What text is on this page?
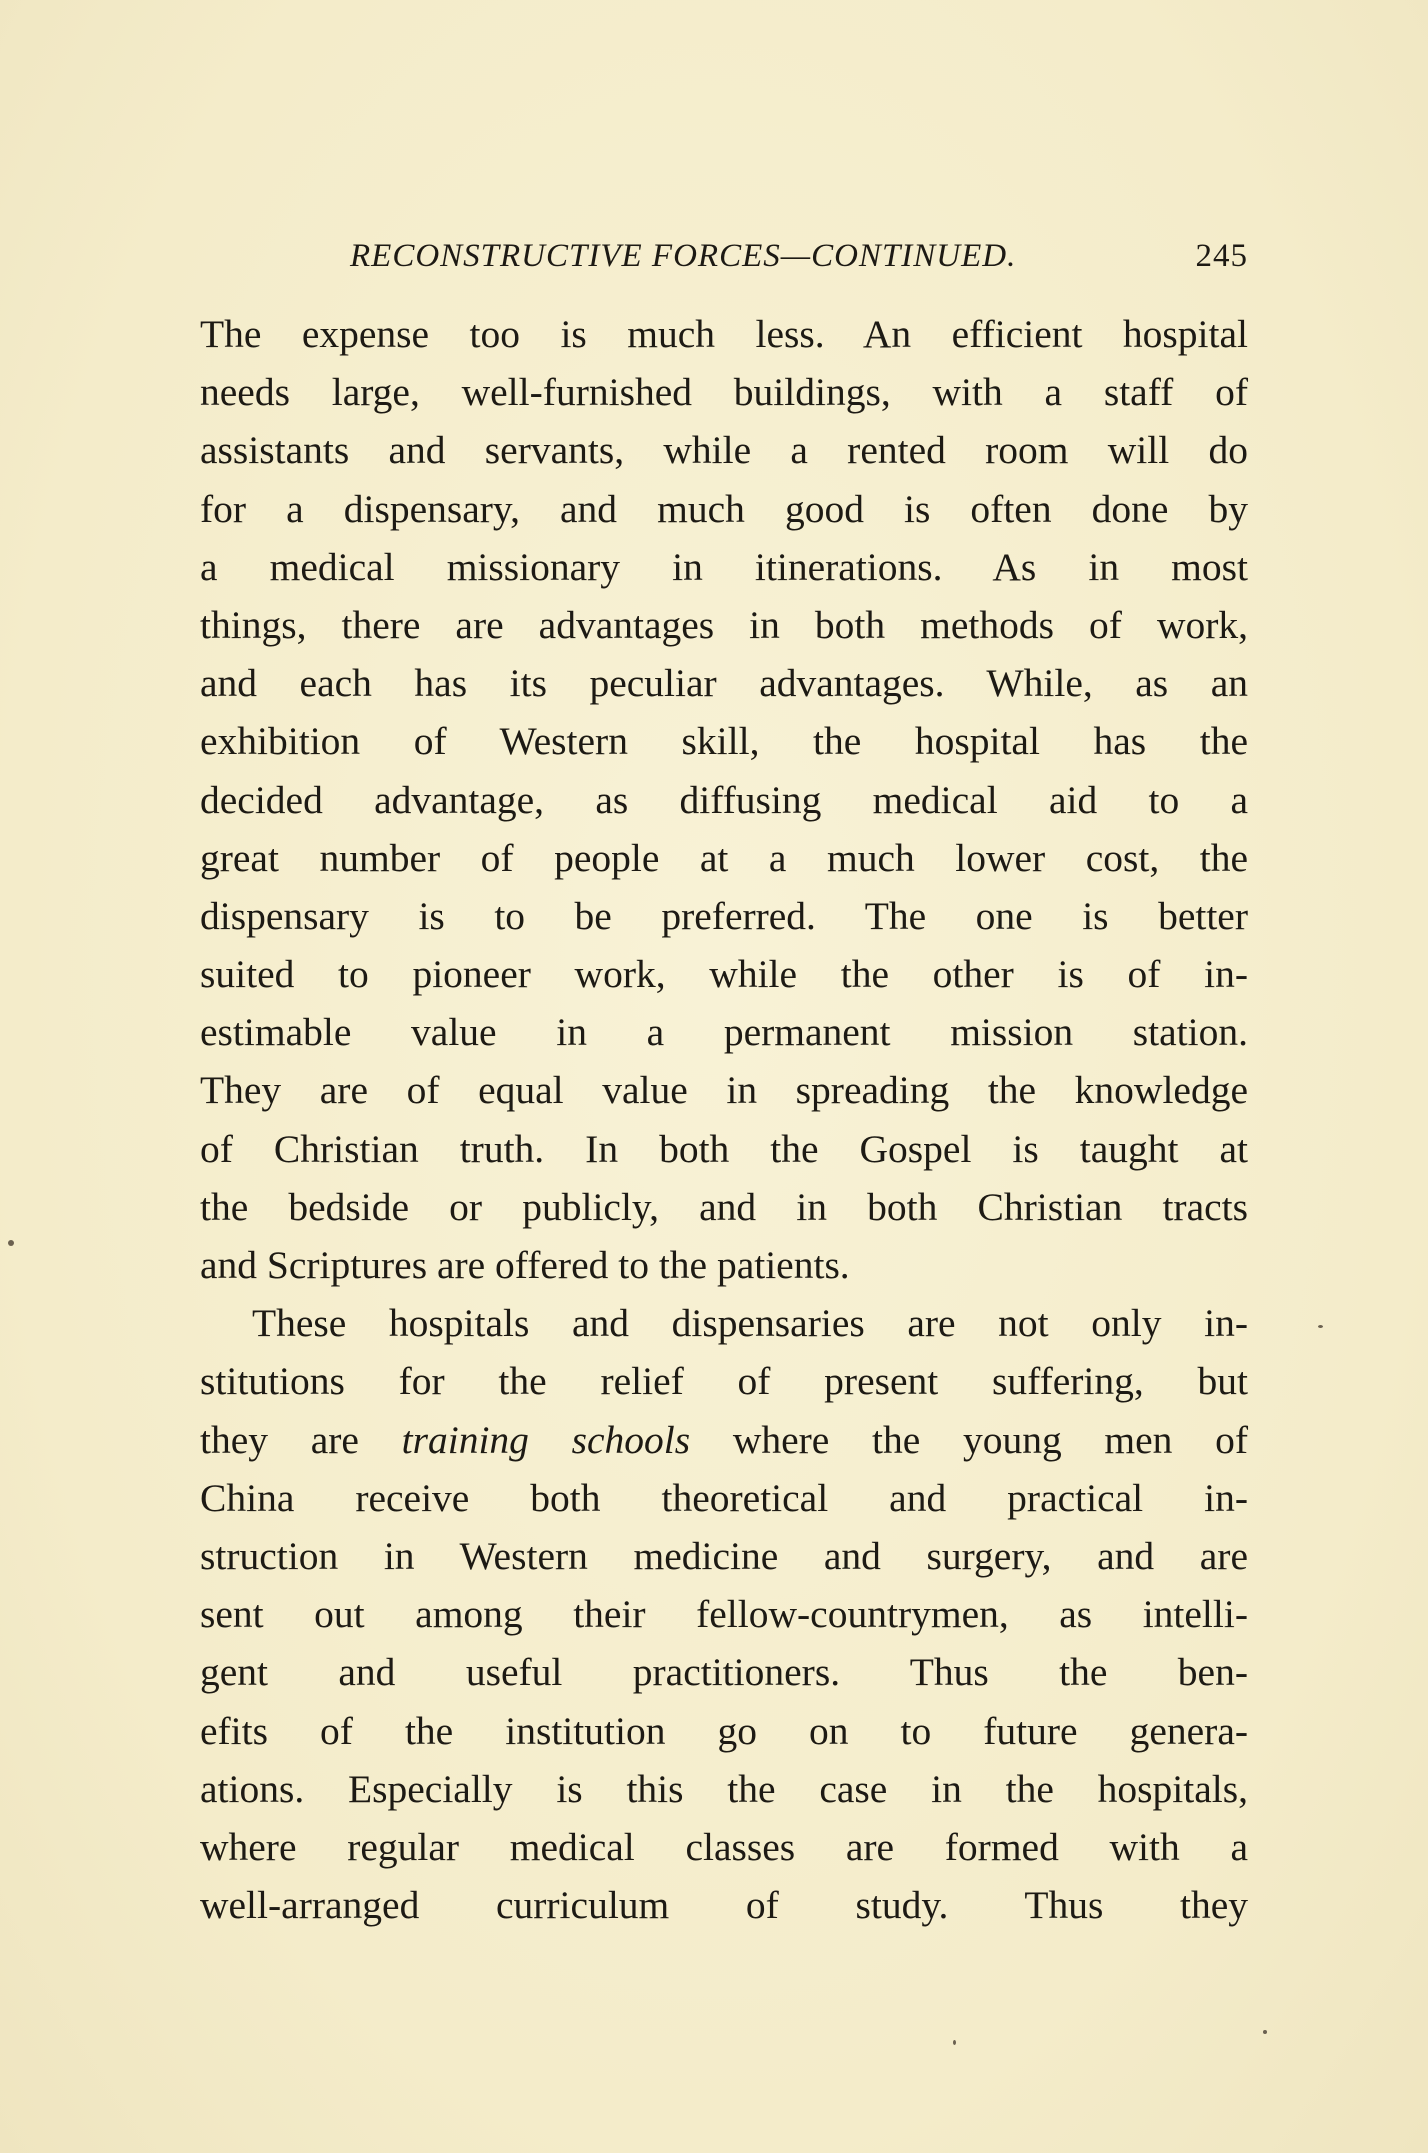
RECONSTRUCTIVE FORCES—CONTINUED.	245
The expense too is much less. An efficient hospital
needs large, well-furnished buildings, with a staff of
assistants and servants, while a rented room will do
for a dispensary, and much good is often done by
a medical missionary in itinerations. As in most
things, there are advantages in both methods of work,
and each has its peculiar advantages. While, as an
exhibition of Western skill, the hospital has the
decided advantage, as diffusing medical aid to a
great number of people at a much lower cost, the
dispensary is to be preferred. The one is better
suited to pioneer work, while the other is of in-
estimable value in a permanent mission station.
They are of equal value in spreading the knowledge
of Christian truth. In both the Gospel is taught at
the bedside or publicly, and in both Christian tracts
and Scriptures are offered to the patients.
These hospitals and dispensaries are not only in-
stitutions for the relief of present suffering, but
they are training schools where the young men of
China receive both theoretical and practical in-
struction in Western medicine and surgery, and are
sent out among their fellow-countrymen, as intelli-
gent and useful practitioners. Thus the ben-
efits of the institution go on to future genera-
ations. Especially is this the case in the hospitals,
where regular medical classes are formed with a
well-arranged curriculum of study. Thus they
